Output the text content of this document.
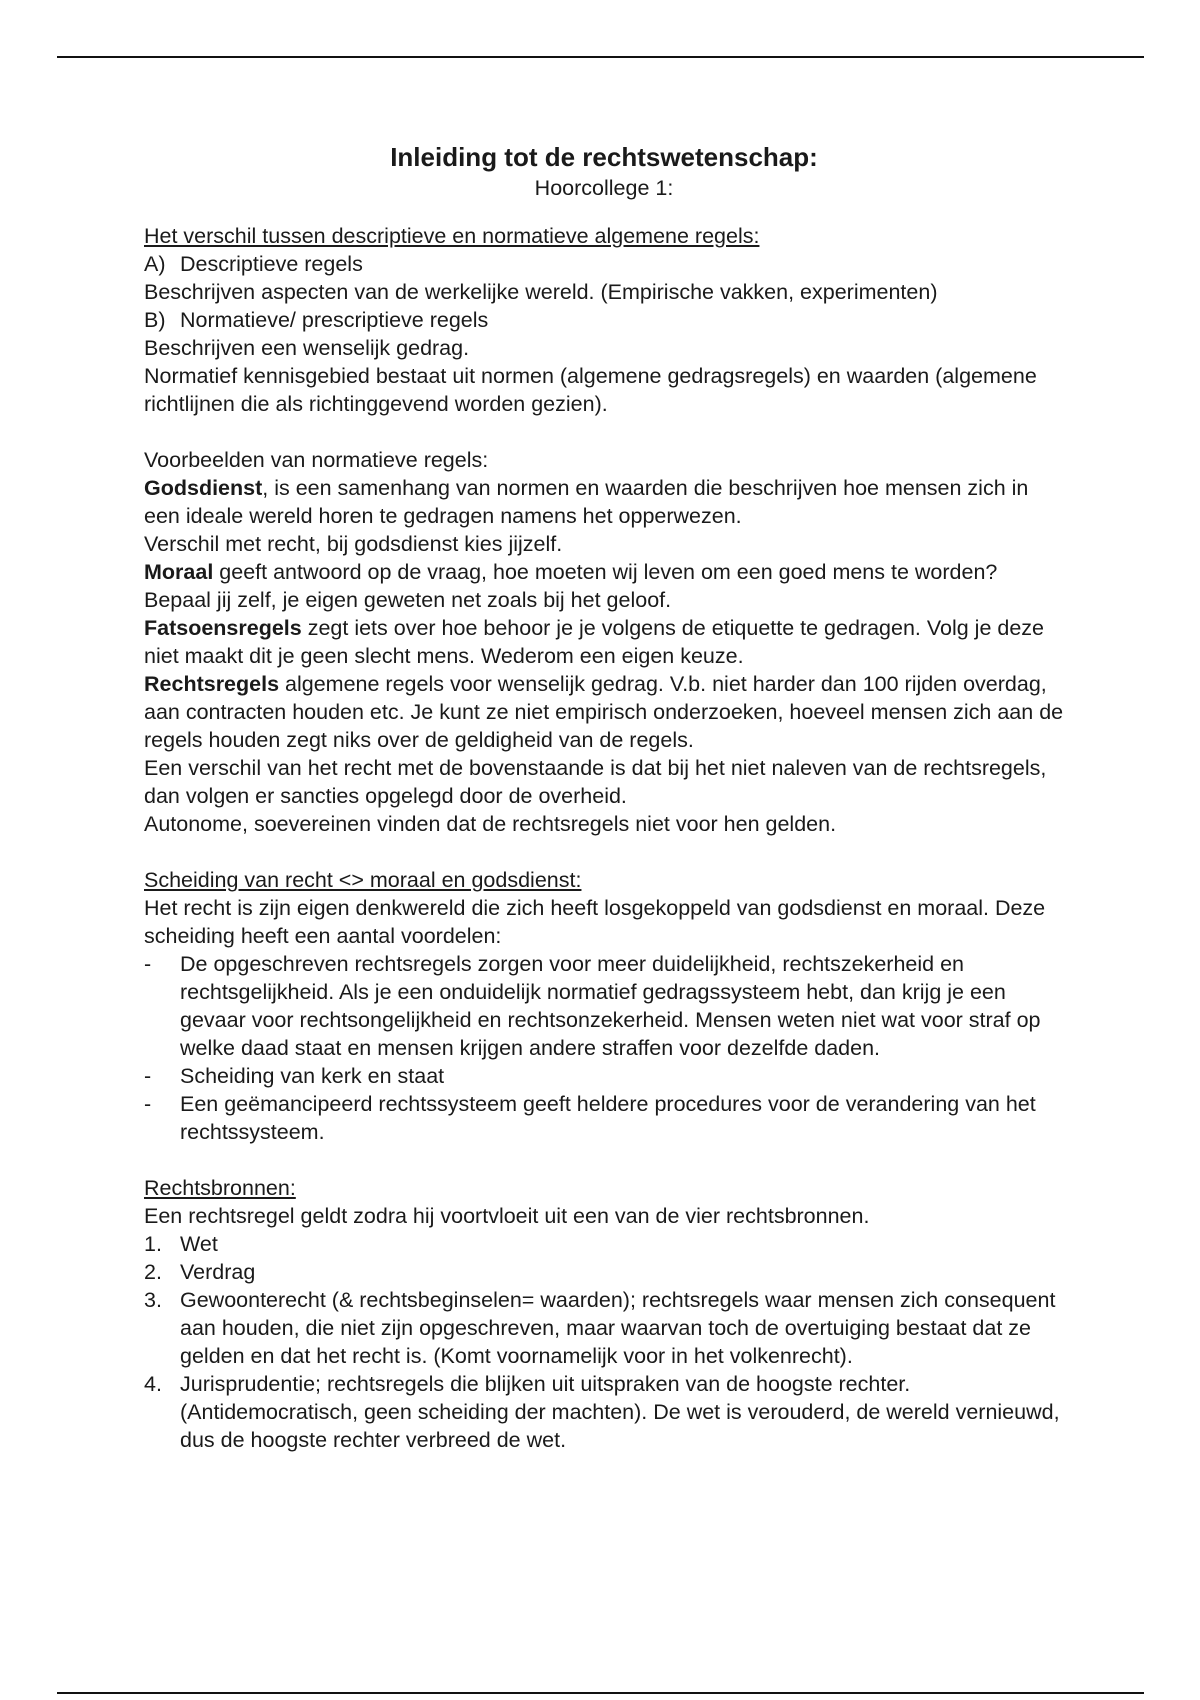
Inleiding tot de rechtswetenschap:

Hoorcollege 1:

Het verschil tussen descriptieve en normatieve algemene regels:

A) Descriptieve regels

Beschrijven aspecten van de werkelijke wereld. (Empirische vakken, experimenten)

B) Normatieve/ prescriptieve regels

Beschrijven een wenselijk gedrag.

Normatief kennisgebied bestaat uit normen (algemene gedragsregels) en waarden (algemene richtlijnen die als richtinggevend worden gezien).

Voorbeelden van normatieve regels:

Godsdienst, is een samenhang van normen en waarden die beschrijven hoe mensen zich in een ideale wereld horen te gedragen namens het opperwezen.

Verschil met recht, bij godsdienst kies jijzelf.

Moraal geeft antwoord op de vraag, hoe moeten wij leven om een goed mens te worden? Bepaal jij zelf, je eigen geweten net zoals bij het geloof.

Fatsoensregels zegt iets over hoe behoor je je volgens de etiquette te gedragen. Volg je deze niet maakt dit je geen slecht mens. Wederom een eigen keuze.

Rechtsregels algemene regels voor wenselijk gedrag. V.b. niet harder dan 100 rijden overdag, aan contracten houden etc. Je kunt ze niet empirisch onderzoeken, hoeveel mensen zich aan de regels houden zegt niks over de geldigheid van de regels.

Een verschil van het recht met de bovenstaande is dat bij het niet naleven van de rechtsregels, dan volgen er sancties opgelegd door de overheid.

Autonome, soevereinen vinden dat de rechtsregels niet voor hen gelden.

Scheiding van recht <> moraal en godsdienst:

Het recht is zijn eigen denkwereld die zich heeft losgekoppeld van godsdienst en moraal. Deze scheiding heeft een aantal voordelen:

-	De opgeschreven rechtsregels zorgen voor meer duidelijkheid, rechtszekerheid en rechtsgelijkheid. Als je een onduidelijk normatief gedragssysteem hebt, dan krijg je een gevaar voor rechtsongelijkheid en rechtsonzekerheid. Mensen weten niet wat voor straf op welke daad staat en mensen krijgen andere straffen voor dezelfde daden.
-	Scheiding van kerk en staat
-	Een geëmancipeerd rechtssysteem geeft heldere procedures voor de verandering van het rechtssysteem.

Rechtsbronnen:

Een rechtsregel geldt zodra hij voortvloeit uit een van de vier rechtsbronnen.

1. Wet
2. Verdrag
3. Gewoonterecht (& rechtsbeginselen= waarden); rechtsregels waar mensen zich consequent aan houden, die niet zijn opgeschreven, maar waarvan toch de overtuiging bestaat dat ze gelden en dat het recht is. (Komt voornamelijk voor in het volkenrecht).
4. Jurisprudentie; rechtsregels die blijken uit uitspraken van de hoogste rechter. (Antidemocratisch, geen scheiding der machten). De wet is verouderd, de wereld vernieuwd, dus de hoogste rechter verbreed de wet.
